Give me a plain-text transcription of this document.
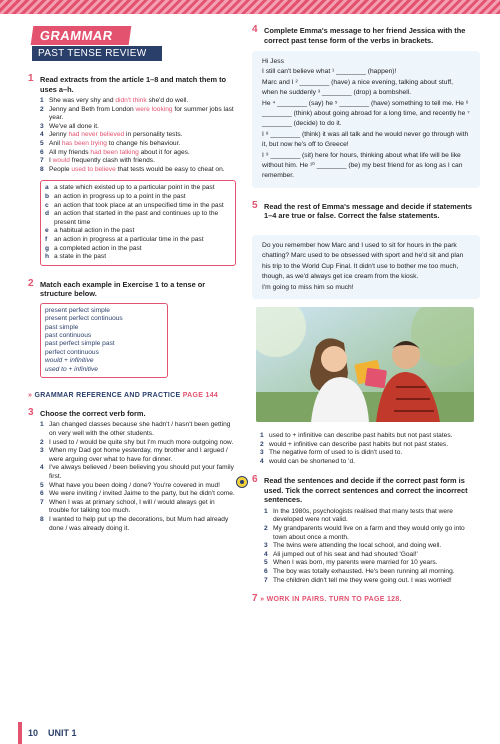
GRAMMAR
PAST TENSE REVIEW
1 Read extracts from the article 1–8 and match them to uses a–h.
1 She was very shy and didn't think she'd do well.
2 Jenny and Beth from London were looking for summer jobs last year.
3 We've all done it.
4 Jenny had never believed in personality tests.
5 Anil has been trying to change his behaviour.
6 All my friends had been talking about it for ages.
7 I would frequently clash with friends.
8 People used to believe that tests would be easy to cheat on.
a a state which existed up to a particular point in the past
b an action in progress up to a point in the past
c an action that took place at an unspecified time in the past
d an action that started in the past and continues up to the present time
e a habitual action in the past
f an action in progress at a particular time in the past
g a completed action in the past
h a state in the past
2 Match each example in Exercise 1 to a tense or structure below.
present perfect simple
present perfect continuous
past simple
past continuous
past perfect simple past
perfect continuous
would + infinitive
used to + infinitive
» GRAMMAR REFERENCE AND PRACTICE PAGE 144
3 Choose the correct verb form.
1 Jan changed classes because she hadn't / hasn't been getting on very well with the other students.
2 I used to / would be quite shy but I'm much more outgoing now.
3 When my Dad got home yesterday, my brother and I argued / were arguing over what to have for dinner.
4 I've always believed / been believing you should put your family first.
5 What have you been doing / done? You're covered in mud!
6 We were inviting / invited Jaime to the party, but he didn't come.
7 When I was at primary school, I will / would always get in trouble for talking too much.
8 I wanted to help put up the decorations, but Mum had already done / was already doing it.
4 Complete Emma's message to her friend Jessica with the correct past tense form of the verbs in brackets.
Hi Jess
I still can't believe what ¹ ________ (happen)!
Marc and I ² ________ (have) a nice evening, talking about stuff, when he suddenly ³ ________ (drop) a bombshell.
He ⁴ ________ (say) he ⁵ ________ (have) something to tell me. He ⁶ ________ (think) about going abroad for a long time, and recently he ⁷ ________ (decide) to do it.
I ⁸ ________ (think) it was all talk and he would never go through with it, but now he's off to Greece!
I ⁹ ________ (sit) here for hours, thinking about what life will be like without him. He ¹⁰ ________ (be) my best friend for as long as I can remember.
5 Read the rest of Emma's message and decide if statements 1–4 are true or false. Correct the false statements.
Do you remember how Marc and I used to sit for hours in the park chatting? Marc used to be obsessed with sport and he'd sit and plan his trip to the World Cup Final. It didn't use to bother me too much, though, as we'd always get ice cream from the kiosk.
I'm going to miss him so much!
1 used to + infinitive can describe past habits but not past states.
2 would + infinitive can describe past habits but not past states.
3 The negative form of used to is didn't used to.
4 would can be shortened to 'd.
6 Read the sentences and decide if the correct past form is used. Tick the correct sentences and correct the incorrect sentences.
1 In the 1980s, psychologists realised that many tests that were developed were not valid.
2 My grandparents would live on a farm and they would only go into town about once a month.
3 The twins were attending the local school, and doing well.
4 Ali jumped out of his seat and had shouted 'Goal!'
5 When I was born, my parents were married for 10 years.
6 The boy was totally exhausted. He's been running all morning.
7 The children didn't tell me they were going out. I was worried!
7 » WORK IN PAIRS. TURN TO PAGE 128.
10 UNIT 1
